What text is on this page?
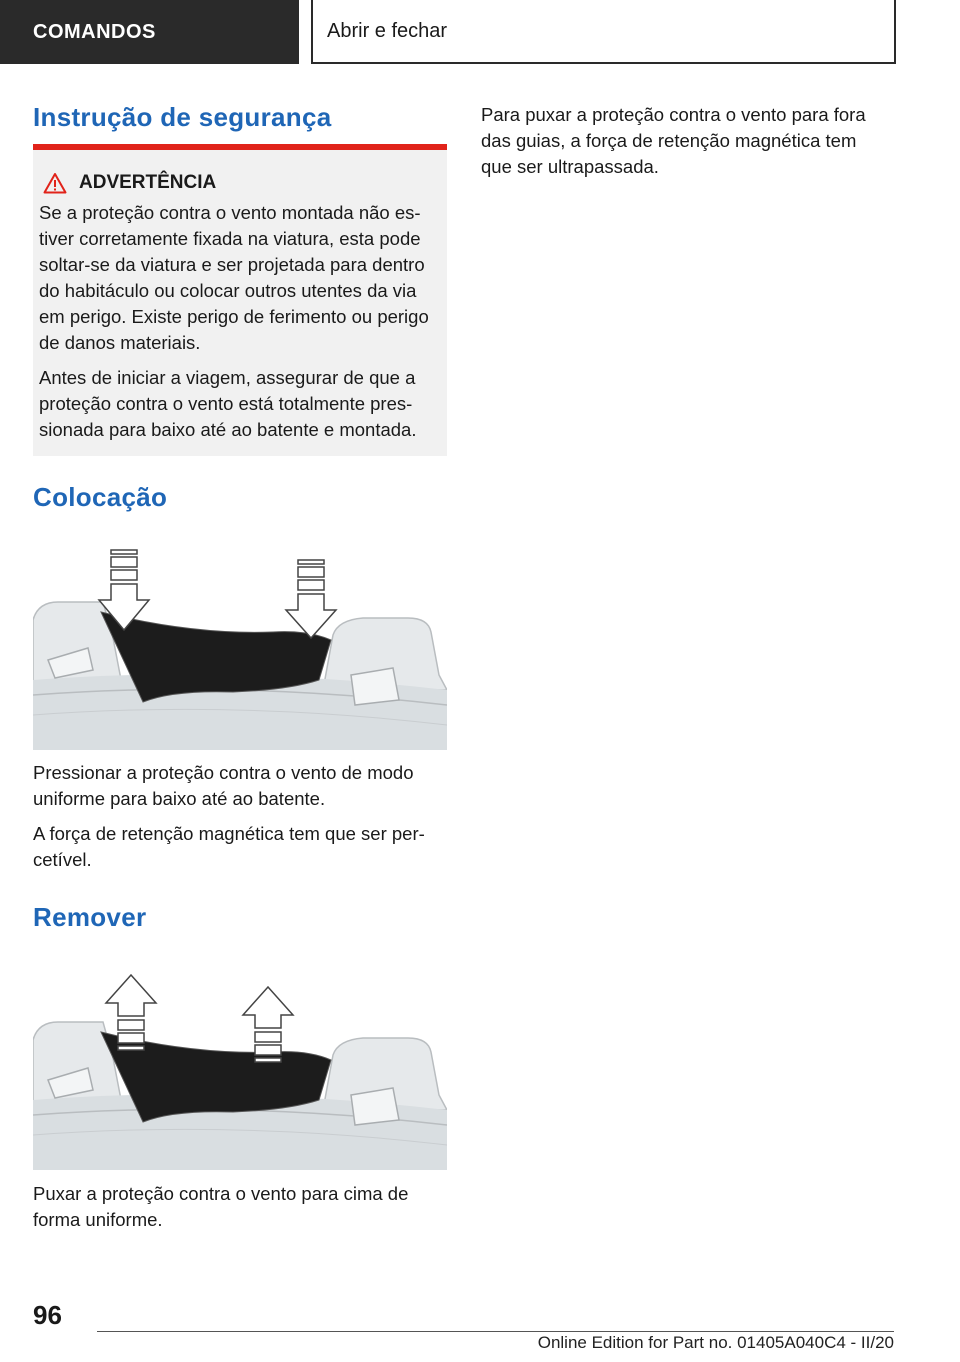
COMANDOS	Abrir e fechar
Instrução de segurança
ADVERTÊNCIA

Se a proteção contra o vento montada não es-
tiver corretamente fixada na viatura, esta pode
soltar-se da viatura e ser projetada para dentro
do habitáculo ou colocar outros utentes da via
em perigo. Existe perigo de ferimento ou perigo
de danos materiais.

Antes de iniciar a viagem, assegurar de que a
proteção contra o vento está totalmente pres-
sionada para baixo até ao batente e montada.

Colocação

Pressionar a proteção contra o vento de modo
uniforme para baixo até ao batente.

A força de retenção magnética tem que ser per-
cetível.

Remover

Puxar a proteção contra o vento para cima de
forma uniforme.

Para puxar a proteção contra o vento para fora
das guias, a força de retenção magnética tem
que ser ultrapassada.

96
Online Edition for Part no. 01405A040C4 - II/20
